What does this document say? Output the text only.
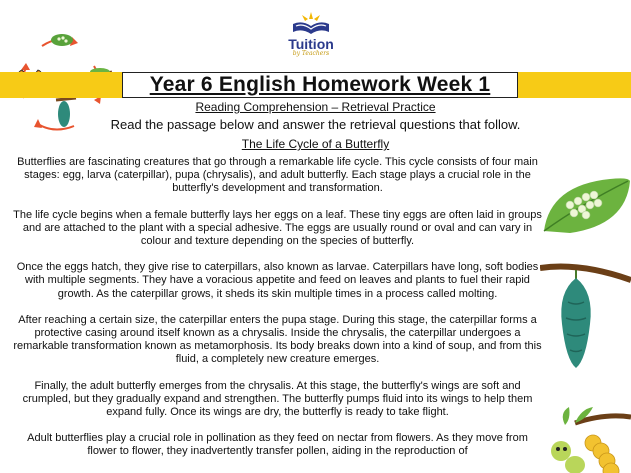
Tuition
by Teachers
Year 6 English Homework Week 1
Reading Comprehension – Retrieval Practice
Read the passage below and answer the retrieval questions that follow.
The Life Cycle of a Butterfly

Butterflies are fascinating creatures that go through a remarkable life cycle. This cycle consists of four main stages: egg, larva (caterpillar), pupa (chrysalis), and adult butterfly. Each stage plays a crucial role in the butterfly's development and transformation.

The life cycle begins when a female butterfly lays her eggs on a leaf. These tiny eggs are often laid in groups and are attached to the plant with a special adhesive. The eggs are usually round or oval and can vary in colour and texture depending on the species of butterfly.

Once the eggs hatch, they give rise to caterpillars, also known as larvae. Caterpillars have long, soft bodies with multiple segments. They have a voracious appetite and feed on leaves and plants to fuel their rapid growth. As the caterpillar grows, it sheds its skin multiple times in a process called molting.

After reaching a certain size, the caterpillar enters the pupa stage. During this stage, the caterpillar forms a protective casing around itself known as a chrysalis. Inside the chrysalis, the caterpillar undergoes a remarkable transformation known as metamorphosis. Its body breaks down into a kind of soup, and from this fluid, a completely new creature emerges.

Finally, the adult butterfly emerges from the chrysalis. At this stage, the butterfly's wings are soft and crumpled, but they gradually expand and strengthen. The butterfly pumps fluid into its wings to help them expand fully. Once its wings are dry, the butterfly is ready to take flight.

Adult butterflies play a crucial role in pollination as they feed on nectar from flowers. As they move from flower to flower, they inadvertently transfer pollen, aiding in the reproduction of
